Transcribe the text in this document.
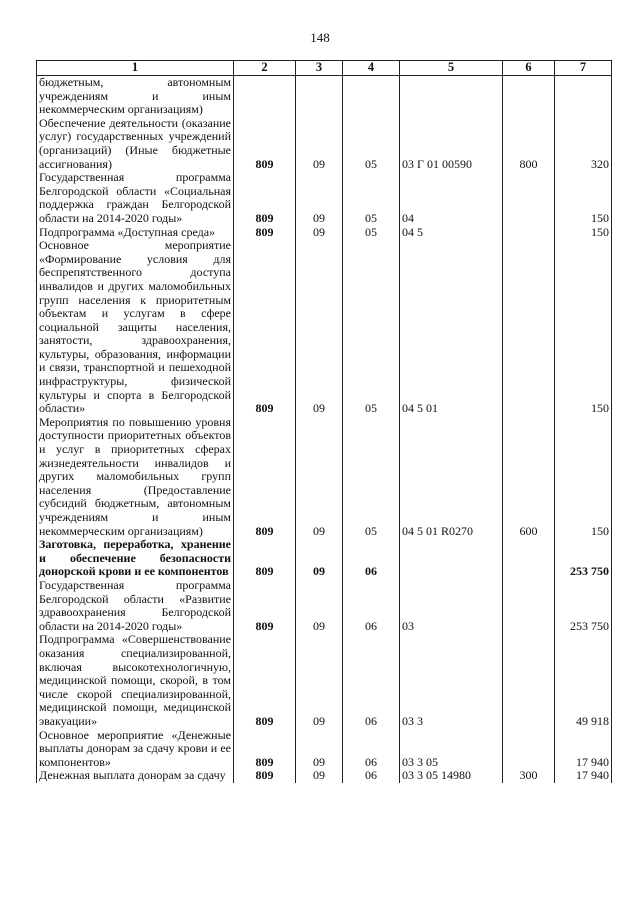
148
1	2	3	4	5	6	7
бюджетным, автономным учреждениям и иным некоммерческим организациям)						
Обеспечение деятельности (оказание услуг) государственных учреждений (организаций) (Иные бюджетные ассигнования)	809	09	05	03 Г 01 00590	800	320
Государственная программа Белгородской области «Социальная поддержка граждан Белгородской области на 2014-2020 годы»	809	09	05	04		150
Подпрограмма «Доступная среда»	809	09	05	04 5		150
Основное мероприятие «Формирование условия для беспрепятственного доступа инвалидов и других маломобильных групп населения к приоритетным объектам и услугам в сфере социальной защиты населения, занятости, здравоохранения, культуры, образования, информации и связи, транспортной и пешеходной инфраструктуры, физической культуры и спорта в Белгородской области»	809	09	05	04 5 01		150
Мероприятия по повышению уровня доступности приоритетных объектов и услуг в приоритетных сферах жизнедеятельности инвалидов и других маломобильных групп населения (Предоставление субсидий бюджетным, автономным учреждениям и иным некоммерческим организациям)	809	09	05	04 5 01 R0270	600	150
Заготовка, переработка, хранение и обеспечение безопасности донорской крови и ее компонентов	809	09	06			253 750
Государственная программа Белгородской области «Развитие здравоохранения Белгородской области на 2014-2020 годы»	809	09	06	03		253 750
Подпрограмма «Совершенствование оказания специализированной, включая высокотехнологичную, медицинской помощи, скорой, в том числе скорой специализированной, медицинской помощи, медицинской эвакуации»	809	09	06	03 3		49 918
Основное мероприятие «Денежные выплаты донорам за сдачу крови и ее компонентов»	809	09	06	03 3 05		17 940
Денежная выплата донорам за сдачу	809	09	06	03 3 05 14980	300	17 940
